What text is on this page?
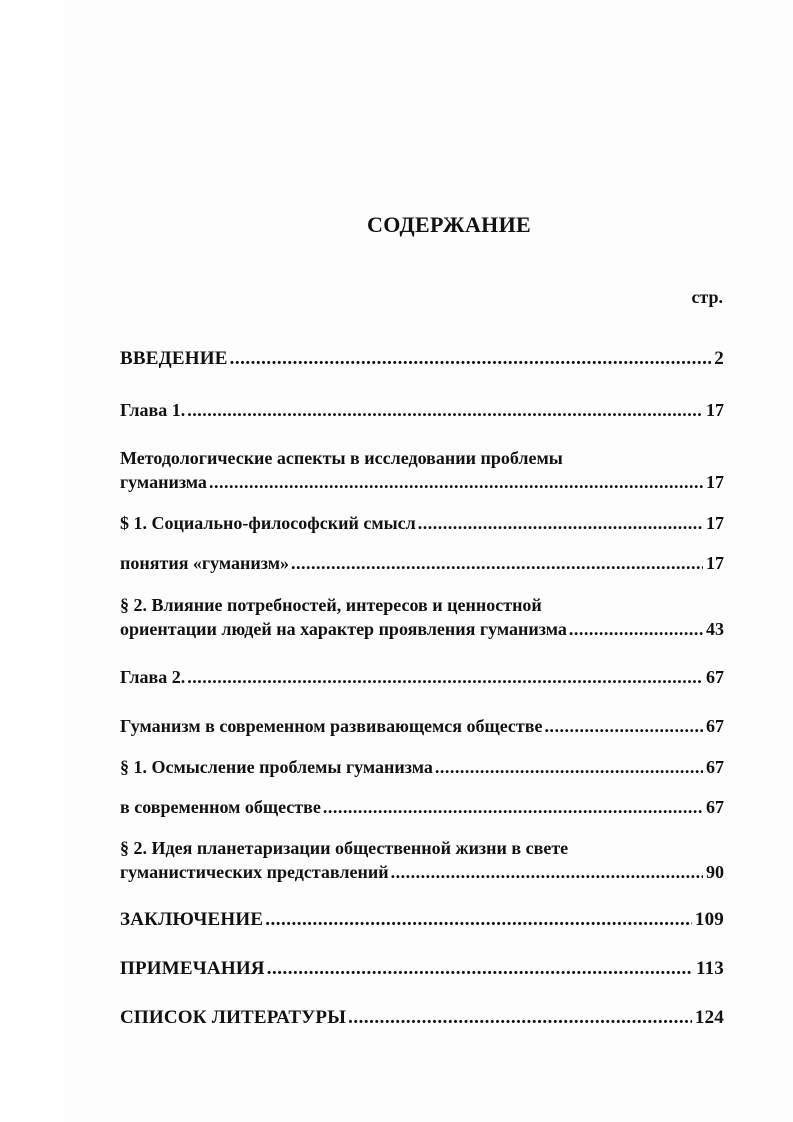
СОДЕРЖАНИЕ
стр.
ВВЕДЕНИЕ .....	2
Глава 1. .....	17
Методологические аспекты в исследовании проблемы
гуманизма .....	17
$ 1. Социально-философский смысл .....	17
понятия «гуманизм» .....	17
§ 2. Влияние потребностей, интересов и ценностной
ориентации людей на характер проявления гуманизма .....	43
Глава 2. .....	67
Гуманизм в современном развивающемся обществе .....	67
§ 1. Осмысление проблемы гуманизма .....	67
в современном обществе .....	67
§ 2. Идея планетаризации общественной жизни в свете
гуманистических представлений .....	90
ЗАКЛЮЧЕНИЕ .....	109
ПРИМЕЧАНИЯ .....	113
СПИСОК ЛИТЕРАТУРЫ .....	124
